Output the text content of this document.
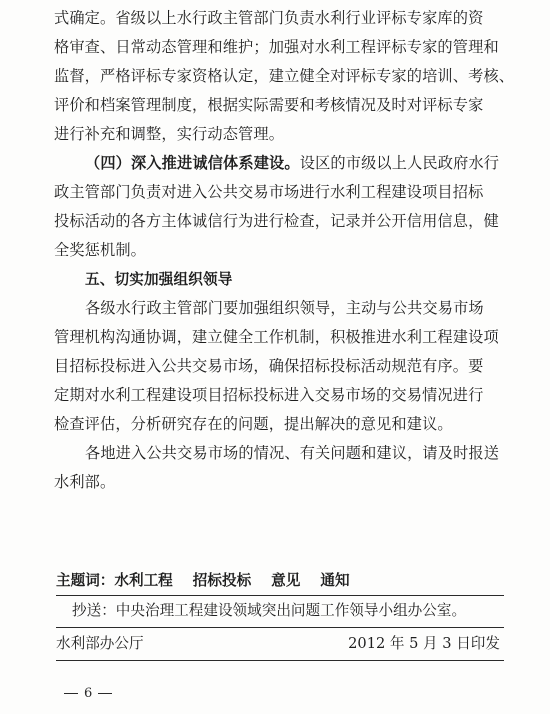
式确定。省级以上水行政主管部门负责水利行业评标专家库的资
格审查、日常动态管理和维护；加强对水利工程评标专家的管理和
监督，严格评标专家资格认定，建立健全对评标专家的培训、考核、
评价和档案管理制度，根据实际需要和考核情况及时对评标专家
进行补充和调整，实行动态管理。
（四）深入推进诚信体系建设。设区的市级以上人民政府水行
政主管部门负责对进入公共交易市场进行水利工程建设项目招标
投标活动的各方主体诚信行为进行检查，记录并公开信用信息，健
全奖惩机制。
五、切实加强组织领导
各级水行政主管部门要加强组织领导，主动与公共交易市场
管理机构沟通协调，建立健全工作机制，积极推进水利工程建设项
目招标投标进入公共交易市场，确保招标投标活动规范有序。要
定期对水利工程建设项目招标投标进入交易市场的交易情况进行
检查评估，分析研究存在的问题，提出解决的意见和建议。
各地进入公共交易市场的情况、有关问题和建议，请及时报送
水利部。
主题词：水利工程 招标投标 意见 通知
抄送：中央治理工程建设领域突出问题工作领导小组办公室。
水利部办公厅	2012 年 5 月 3 日印发
6
